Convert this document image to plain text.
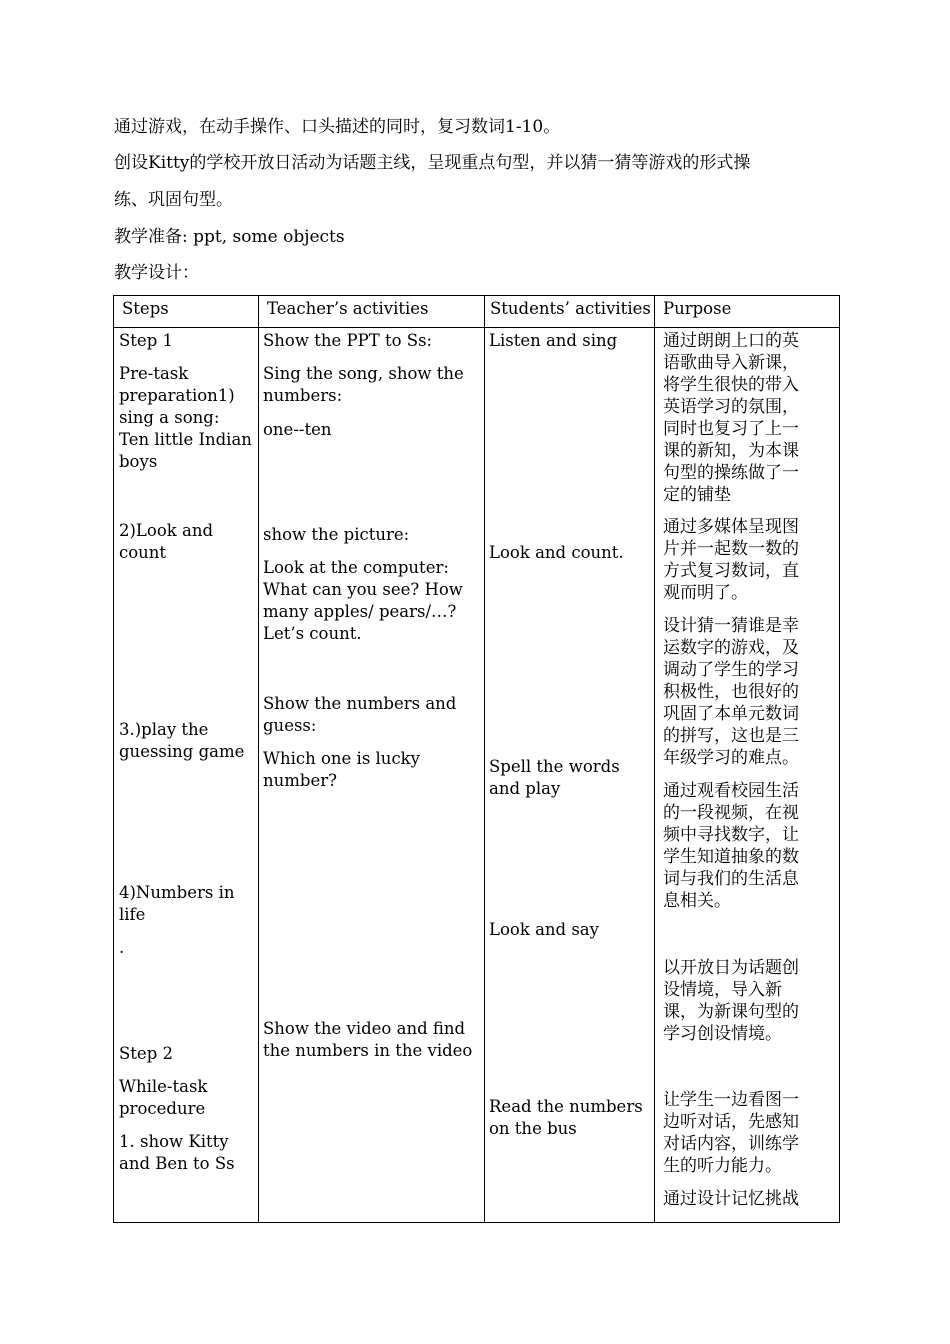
通过游戏，在动手操作、口头描述的同时，复习数词1-10。
创设Kitty的学校开放日活动为话题主线，呈现重点句型，并以猜一猜等游戏的形式操
练、巩固句型。
教学准备: ppt, some objects
教学设计：
Steps	Teacher’s activities	Students’ activities Purpose
Step 1
Pre-task
preparation1)
sing a song:
Ten little Indian
boys
2)Look and
count
3.)play the
guessing game
4)Numbers in
life
.
Step 2
While-task
procedure
1. show Kitty
and Ben to Ss
Show the PPT to Ss:
Sing the song, show the
numbers:
one--ten
show the picture:
Look at the computer:
What can you see? How
many apples/ pears/…?
Let’s count.
Show the numbers and
guess:
Which one is lucky
number?
Show the video and find
the numbers in the video
Listen and sing
Look and count.
Spell the words
and play
Look and say
Read the numbers
on the bus
通过朗朗上口的英
语歌曲导入新课，
将学生很快的带入
英语学习的氛围，
同时也复习了上一
课的新知，为本课
句型的操练做了一
定的铺垫
通过多媒体呈现图
片并一起数一数的
方式复习数词，直
观而明了。
设计猜一猜谁是幸
运数字的游戏，及
调动了学生的学习
积极性，也很好的
巩固了本单元数词
的拼写，这也是三
年级学习的难点。
通过观看校园生活
的一段视频，在视
频中寻找数字，让
学生知道抽象的数
词与我们的生活息
息相关。
以开放日为话题创
设情境，导入新
课，为新课句型的
学习创设情境。
让学生一边看图一
边听对话，先感知
对话内容，训练学
生的听力能力。
通过设计记忆挑战
